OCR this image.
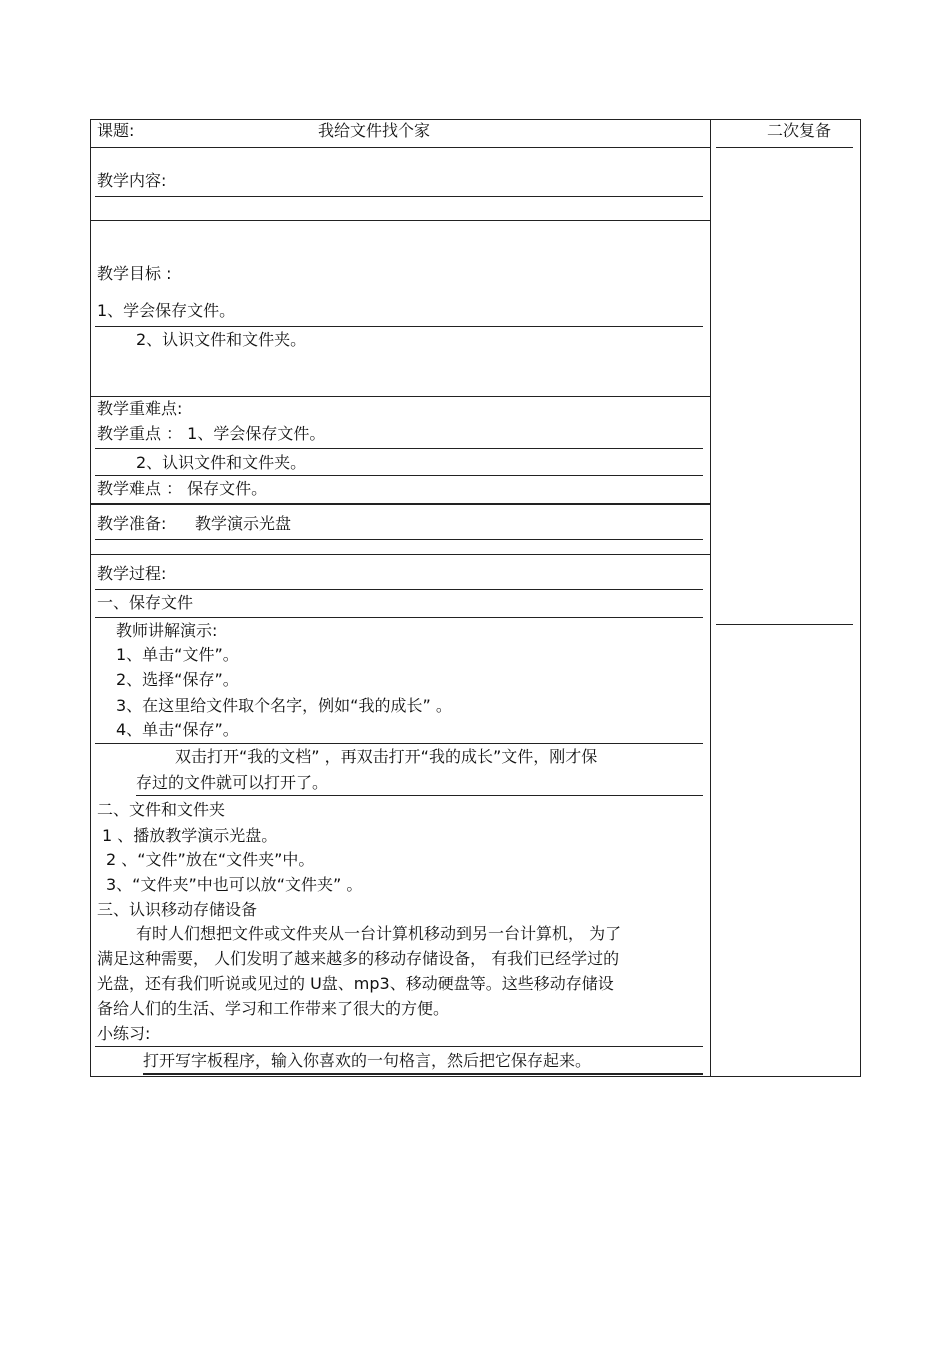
课题:	我给文件找个家	二次复备
教学内容:
教学目标 :
1、学会保存文件。
2、认识文件和文件夹。
教学重难点:
教学重点 ： 1、学会保存文件。
2、认识文件和文件夹。
教学难点 ： 保存文件。
教学准备: 教学演示光盘
教学过程:
一、保存文件
教师讲解演示:
1、单击“文件”。
2、选择“保存”。
3、在这里给文件取个名字，例如“我的成长” 。
4、单击“保存”。
双击打开“我的文档” ，再双击打开“我的成长”文件，刚才保
存过的文件就可以打开了。
二、文件和文件夹
1 、播放教学演示光盘。
2 、“文件”放在“文件夹”中。
3、“文件夹”中也可以放“文件夹” 。
三、认识移动存储设备
有时人们想把文件或文件夹从一台计算机移动到另一台计算机， 为了
满足这种需要， 人们发明了越来越多的移动存储设备， 有我们已经学过的
光盘，还有我们听说或见过的 U盘、mp3、移动硬盘等。这些移动存储设
备给人们的生活、学习和工作带来了很大的方便。
小练习:
打开写字板程序，输入你喜欢的一句格言，然后把它保存起来。
